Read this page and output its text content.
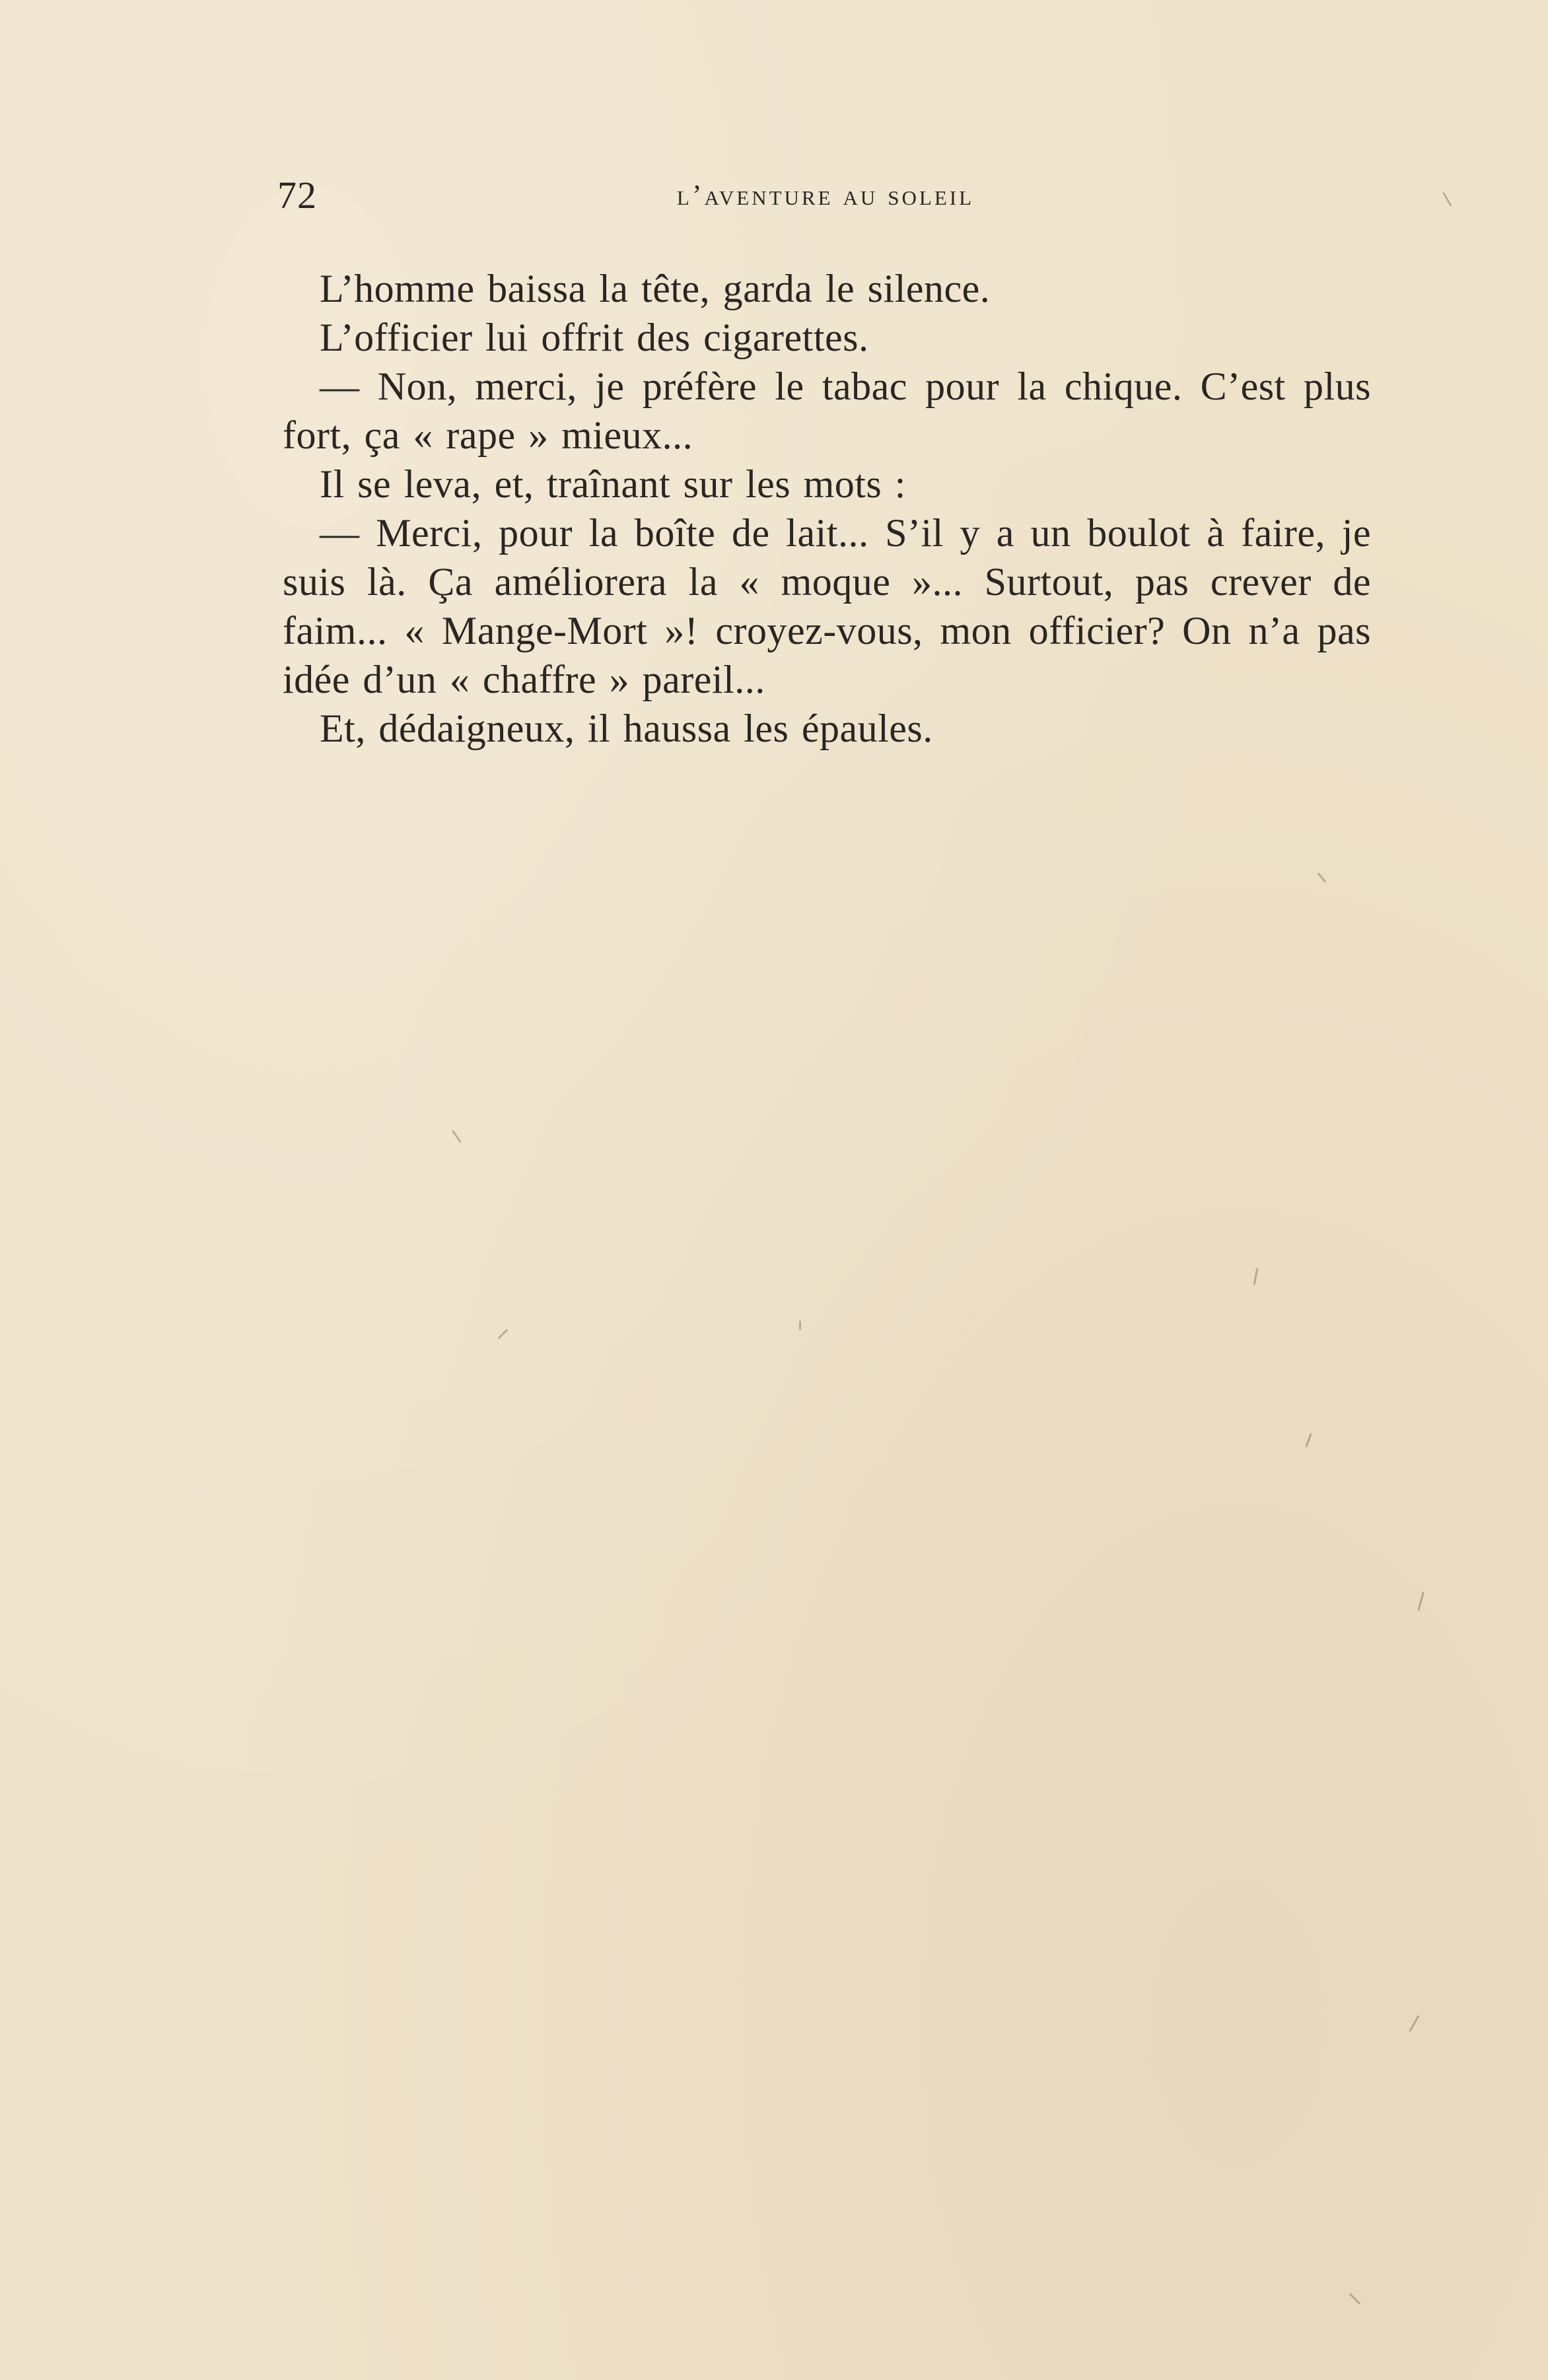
72	l’aventure au soleil

L’homme baissa la tête, garda le silence.

L’officier lui offrit des cigarettes.

— Non, merci, je préfère le tabac pour la chique. C’est plus fort, ça « rape » mieux...

Il se leva, et, traînant sur les mots :

— Merci, pour la boîte de lait... S’il y a un boulot à faire, je suis là. Ça améliorera la « moque »... Surtout, pas crever de faim... « Mange-Mort »! croyez-vous, mon officier? On n’a pas idée d’un « chaffre » pareil...

Et, dédaigneux, il haussa les épaules.
